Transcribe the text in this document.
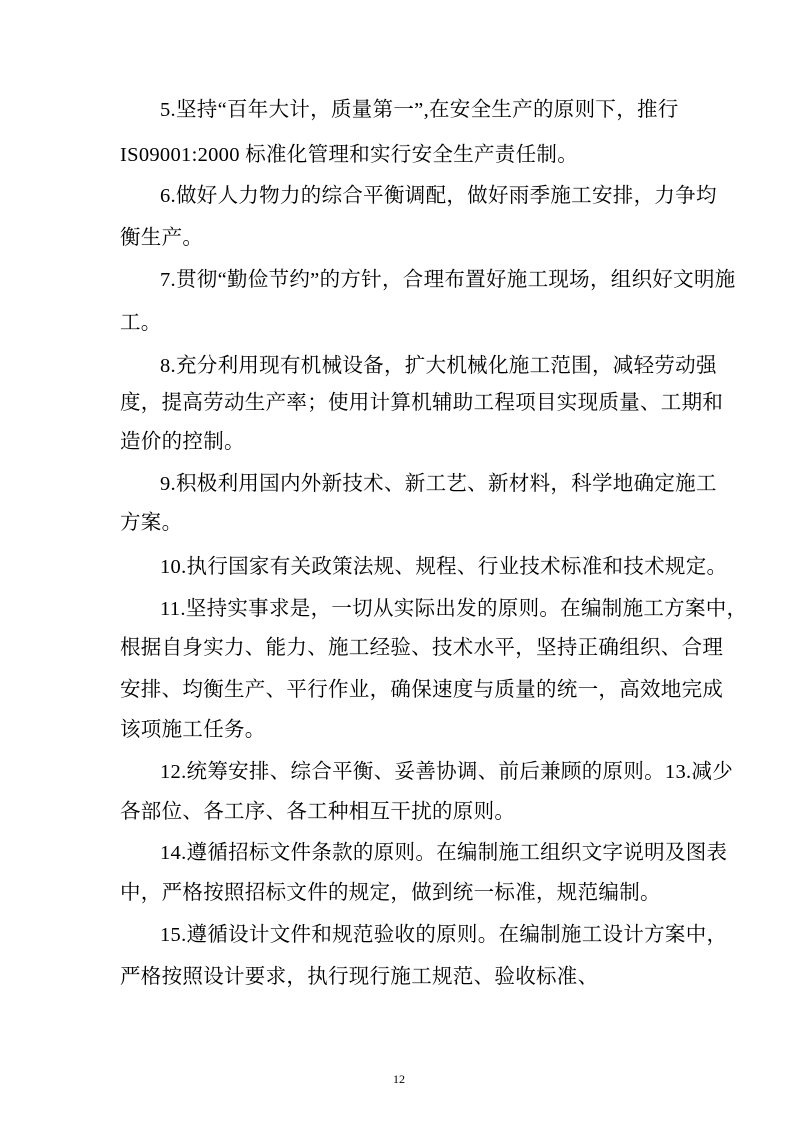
5.坚持“百年大计，质量第一”,在安全生产的原则下，推行
IS09001:2000 标准化管理和实行安全生产责任制。
6.做好人力物力的综合平衡调配，做好雨季施工安排，力争均
衡生产。
7.贯彻“勤俭节约”的方针，合理布置好施工现场，组织好文明施
工。
8.充分利用现有机械设备，扩大机械化施工范围，减轻劳动强
度，提高劳动生产率；使用计算机辅助工程项目实现质量、工期和
造价的控制。
9.积极利用国内外新技术、新工艺、新材料，科学地确定施工
方案。
10.执行国家有关政策法规、规程、行业技术标准和技术规定。
11.坚持实事求是，一切从实际出发的原则。在编制施工方案中，
根据自身实力、能力、施工经验、技术水平，坚持正确组织、合理
安排、均衡生产、平行作业，确保速度与质量的统一，高效地完成
该项施工任务。
12.统筹安排、综合平衡、妥善协调、前后兼顾的原则。13.减少
各部位、各工序、各工种相互干扰的原则。
14.遵循招标文件条款的原则。在编制施工组织文字说明及图表
中，严格按照招标文件的规定，做到统一标准，规范编制。
15.遵循设计文件和规范验收的原则。在编制施工设计方案中，
严格按照设计要求，执行现行施工规范、验收标准、
12
